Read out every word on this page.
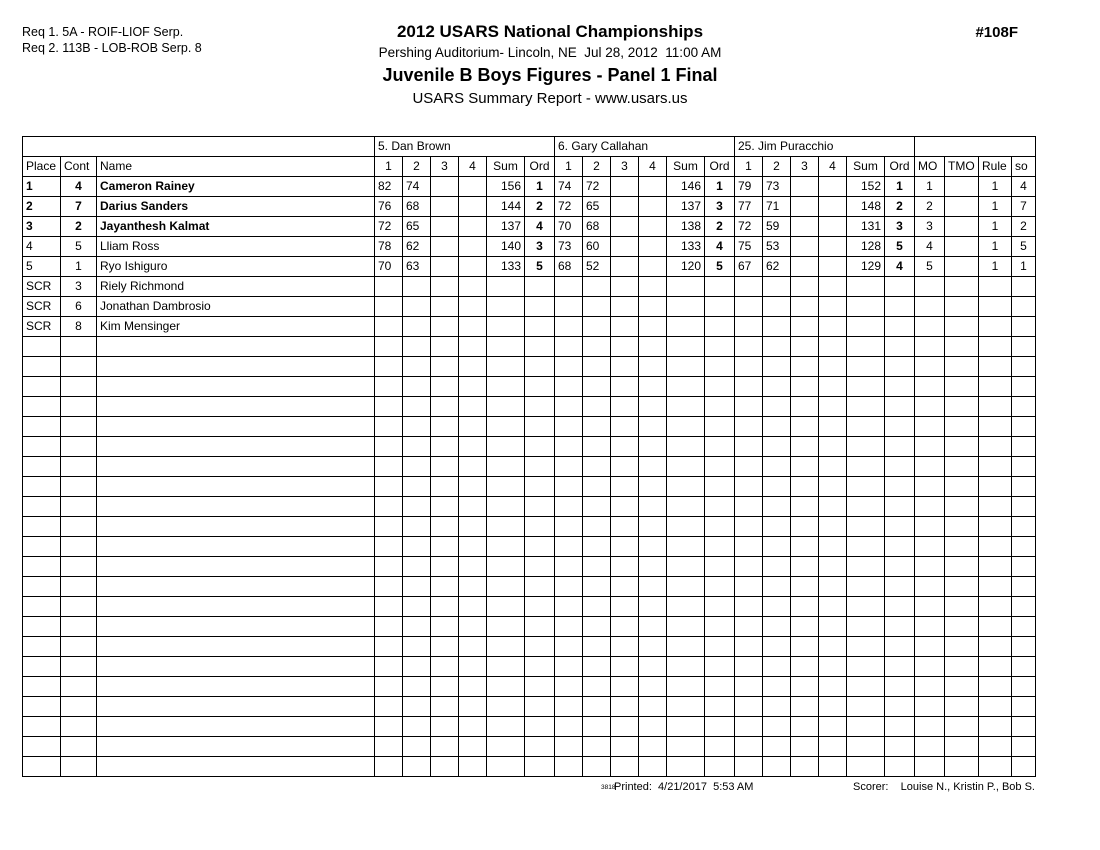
Req 1. 5A - ROIF-LIOF Serp.
Req 2. 113B - LOB-ROB Serp. 8
2012 USARS National Championships
Pershing Auditorium- Lincoln, NE  Jul 28, 2012  11:00 AM
Juvenile B Boys Figures - Panel 1 Final
USARS Summary Report - www.usars.us
#108F
			5. Dan Brown						6. Gary Callahan						25. Jim Puracchio									
Place	Cont	Name	1	2	3	4	Sum	Ord	1	2	3	4	Sum	Ord	1	2	3	4	Sum	Ord	MO	TMO	Rule	so
1	4	Cameron Rainey	82	74			156	1	74	72			146	1	79	73			152	1	1		1	4
2	7	Darius Sanders	76	68			144	2	72	65			137	3	77	71			148	2	2		1	7
3	2	Jayanthesh Kalmat	72	65			137	4	70	68			138	2	72	59			131	3	3		1	2
4	5	Lliam Ross	78	62			140	3	73	60			133	4	75	53			128	5	4		1	5
5	1	Ryo Ishiguro	70	63			133	5	68	52			120	5	67	62			129	4	5		1	1
SCR	3	Riely Richmond																						
SCR	6	Jonathan Dambrosio																						
SCR	8	Kim Mensinger																						

3818
Printed:  4/21/2017  5:53 AM	Scorer:    Louise N., Kristin P., Bob S.
